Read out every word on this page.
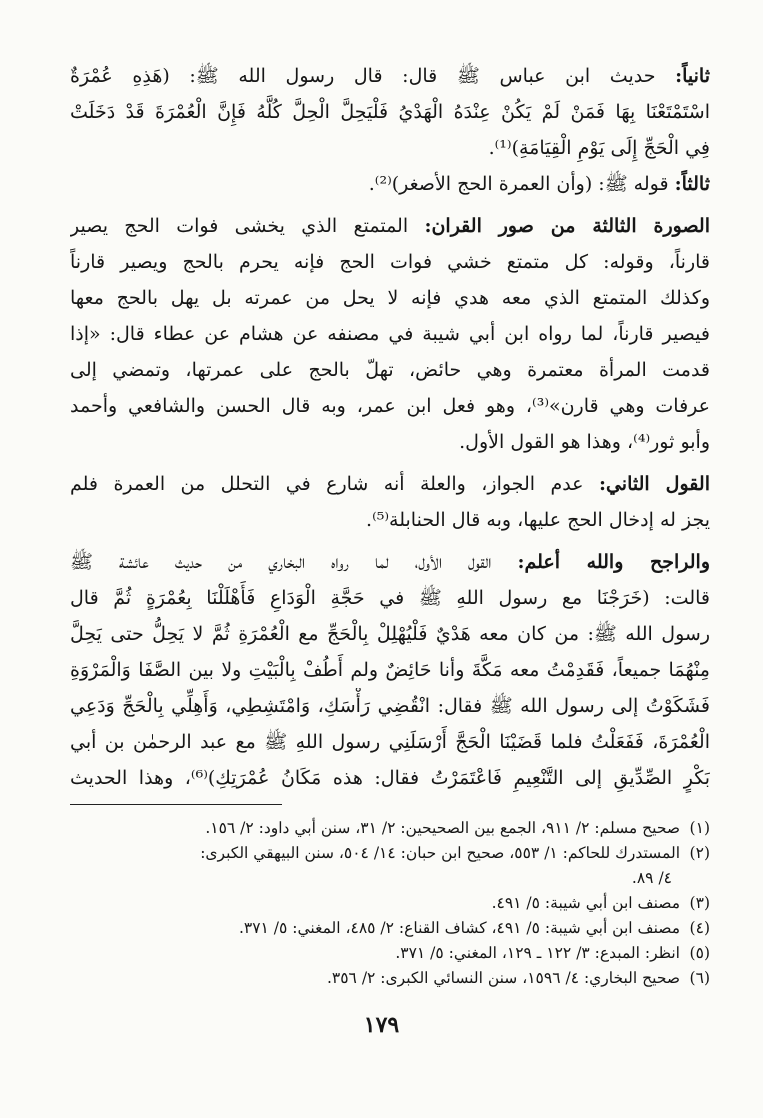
ثانياً: حديث ابن عباس ﷺ قال: قال رسول الله ﷺ: (هَذِهِ عُمْرَةٌ
اسْتَمْتَعْنَا بِهَا فَمَنْ لَمْ يَكُنْ عِنْدَهُ الْهَدْيُ فَلْيَحِلَّ الْحِلَّ كُلَّهُ فَإِنَّ الْعُمْرَةَ قَدْ دَخَلَتْ
فِي الْحَجِّ إِلَى يَوْمِ الْقِيَامَةِ)⁽¹⁾.
ثالثاً: قوله ﷺ: (وأن العمرة الحج الأصغر)⁽²⁾.
الصورة الثالثة من صور القران: المتمتع الذي يخشى فوات الحج يصير
قارناً، وقوله: كل متمتع خشي فوات الحج فإنه يحرم بالحج ويصير قارناً
وكذلك المتمتع الذي معه هدي فإنه لا يحل من عمرته بل يهل بالحج معها
فيصير قارناً، لما رواه ابن أبي شيبة في مصنفه عن هشام عن عطاء قال: «إذا
قدمت المرأة معتمرة وهي حائض، تهلّ بالحج على عمرتها، وتمضي إلى
عرفات وهي قارن»⁽³⁾، وهو فعل ابن عمر، وبه قال الحسن والشافعي وأحمد
وأبو ثور⁽⁴⁾، وهذا هو القول الأول.
القول الثاني: عدم الجواز، والعلة أنه شارع في التحلل من العمرة فلم
يجز له إدخال الحج عليها، وبه قال الحنابلة⁽⁵⁾.
والراجح والله أعلم: القول الأول، لما رواه البخاري من حديث عائشة ﷺ
قالت: (خَرَجْنَا مع رسول اللهِ ﷺ في حَجَّةِ الْوَدَاعِ فَأَهْلَلْنَا بِعُمْرَةٍ ثُمَّ قال
رسول الله ﷺ: من كان معه هَدْيٌ فَلْيُهْلِلْ بِالْحَجِّ مع الْعُمْرَةِ ثُمَّ لا يَحِلُّ حتى يَحِلَّ
مِنْهُمَا جميعاً، فَقَدِمْتُ معه مَكَّةَ وأنا حَائِضٌ ولم أَطُفْ بِالْبَيْتِ ولا بين الصَّفَا وَالْمَرْوَةِ
فَشَكَوْتُ إلى رسول الله ﷺ فقال: انْقُضِي رَأْسَكِ، وَامْتَشِطِي، وَأَهِلِّي بِالْحَجِّ وَدَعِي
الْعُمْرَةَ، فَفَعَلْتُ فلما قَضَيْنَا الْحَجَّ أَرْسَلَنِي رسول اللهِ ﷺ مع عبد الرحمٰن بن أبي
بَكْرٍ الصِّدِّيقِ إلى التَّنْعِيمِ فَاعْتَمَرْتُ فقال: هذه مَكَانُ عُمْرَتِكِ)⁽⁶⁾، وهذا الحديث
(١)صحيح مسلم: ٢/ ٩١١، الجمع بين الصحيحين: ٢/ ٣١، سنن أبي داود: ٢/ ١٥٦.
(٢)المستدرك للحاكم: ١/ ٥٥٣، صحيح ابن حبان: ١٤/ ٥٠٤، سنن البيهقي الكبرى:
٤/ ٨٩.
(٣)مصنف ابن أبي شيبة: ٥/ ٤٩١.
(٤)مصنف ابن أبي شيبة: ٥/ ٤٩١، كشاف القناع: ٢/ ٤٨٥، المغني: ٥/ ٣٧١.
(٥)انظر: المبدع: ٣/ ١٢٢ ـ ١٢٩، المغني: ٥/ ٣٧١.
(٦)صحيح البخاري: ٤/ ١٥٩٦، سنن النسائي الكبرى: ٢/ ٣٥٦.
١٧٩
